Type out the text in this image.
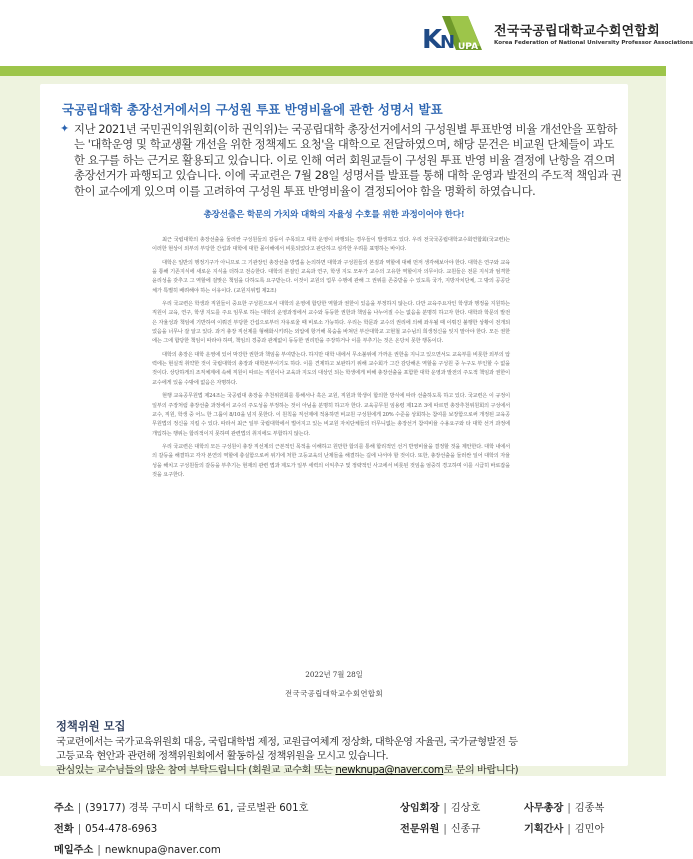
K
N UPA
전국국공립대학교수회연합회
Korea Federation of National University Professor Associations
국공립대학 총장선거에서의 구성원 투표 반영비율에 관한 성명서 발표
✦ 지난 2021년 국민권익위원회(이하 권익위)는 국공립대학 총장선거에서의 구성원별 투표반영 비율 개선안을 포함하는 '대학운영 및 학교생활 개선을 위한 정책제도 요청'을 대학으로 전달하였으며, 해당 문건은 비교원 단체들이 과도한 요구를 하는 근거로 활용되고 있습니다. 이로 인해 여러 회원교들이 구성원 투표 반영 비율 결정에 난항을 겪으며 총장선거가 파행되고 있습니다. 이에 국교련은 7월 28일 성명서를 발표를 통해 대학 운영과 발전의 주도적 책임과 권한이 교수에게 있으며 이를 고려하여 구성원 투표 반영비율이 결정되어야 함을 명확히 하였습니다.
총장선출은 학문의 가치와 대학의 자율성 수호를 위한 과정이어야 한다!

최근 국립대학의 총장선출을 둘러싼 구성원들의 갈등이 주목되고 대학 운영이 파행되는 경우들이 발생하고 있다. 우리 전국국공립대학교수회연합회(국교련)는 이러한 현상이 외부의 부당한 간섭과 대학에 대한 몰이해에서 비롯되었다고 판단하고 심각한 우려를 표명하는 바이다.

대학은 일반의 행정기구가 아니므로 그 기관장인 총장선출 방법을 논의하면 대학과 구성원들의 본질과 역할에 대해 먼저 생각해보아야 한다. 대학은 연구와 교육을 통해 기존지식에 새로운 지식을 더하고 전승한다. 대학의 본질인 교육과 연구, 학생 지도 모두가 교수의 고유한 역할이자 의무이다. 교원들은 전문 지식과 엄격한 윤리성을 갖추고 그 역할에 걸맞은 책임을 다하도록 요구받는다. 이것이 교원의 업무 수행에 관해 그 권위를 존중받을 수 있도록 국가, 지방자치단체, 그 밖의 공공단체가 특별히 배려해야 하는 이유이다. (교원지위법 제2조)

우리 국교련은 학생과 직원들이 중요한 구성원으로서 대학의 운영에 합당한 역할과 권한이 있음을 부정하지 않는다. 다만 교육주요자인 학생과 행정을 지원하는 직원이 교육, 연구, 학생 지도를 주요 임무로 하는 대학의 운영과정에서 교수와 동등한 권한과 책임을 나누어질 수는 없음을 분명히 하고자 한다. 대학과 학문의 발전은 자율성과 책임에 기반하여 이뤄진 부당한 간섭으로부터 자유로울 때 비로소 가능하다. 우리는 학문과 교수의 권리에 의해 좌우될 때 이뤄진 불행한 상황이 전개되었음을 너무나 잘 알고 있다. 과거 총장 직선제를 형해화시키려는 외압에 항거해 목숨을 바쳐던 부산대학교 고현철 교수님의 희생정신을 잊지 말아야 한다. 모든 권한에는 그에 합당한 책임이 따라야 하며, 책임의 경중과 관계없이 동등한 권리만을 주장하거나 이를 부추기는 것은 온당치 못한 행동이다.

대학의 총장은 대학 운영에 있어 막강한 권한과 책임을 부여받는다. 하지만 대학 내에서 무소불위에 가까운 권한을 지니고 있으면서도 교육부를 비롯한 외부의 압력에는 현실적 취약한 것이 국립대학의 총장과 대학본부이기도 하다. 이를 견제하고 보완하기 위해 교수회가 그간 감당해온 역할을 구성원 중 누구도 부인할 수 없을 것이다. 상당하게의 조직체계에 속해 직원이 따르는 직원이나 교육과 지도의 대상인 되는 학생에게 비해 총장선출을 포함한 대학 운영과 발전의 주도적 책임과 권한이 교수에게 있을 수밖에 없음은 자명하다.

현행 교육공무원법 제24조는 국공립대 총장을 추천위원회를 통해서나 혹은 교원, 직원과 학생이 합의한 방식에 따라 선출하도록 하고 있다. 국교련은 이 규정이 일부의 주장처럼 총장선출 과정에서 교수의 주도성을 부정하는 것이 아님을 분명히 하고자 한다. 교육공무원 임용령 제12조 3에 따르면 총장추천위원회의 구성에서 교수, 직원, 학생 중 어느 한 그룹이 8/10을 넘지 못한다. 이 원칙을 직선제에 적용하면 비교원 구성원에게 20% 수준을 상회하는 참여를 보장함으로써 개정된 교육공무원법의 정신을 지킬 수 있다. 따라서 최근 일부 국립대학에서 벌어지고 있는 비교원 자치단체들의 터무니없는 총장선거 참여비율 수용요구와 타 대학 선거 과정에 개입하는 행위는 합리적이지 못하며 관련법의 취지에도 부합하지 않는다.

우리 국교련은 대학의 모든 구성원이 총장 직선제의 근본적인 목적을 이해하고 원만한 합의를 통해 합리적인 선거 반영비율을 결정할 것을 제안한다. 대학 내에서의 갈등을 해결하고 각자 본연의 역할에 충실함으로써 위기에 처한 고등교육의 난제들을 해결하는 길에 나서야 할 것이다. 또한, 총장선출을 둘러싼 일어 대학의 자율성을 해치고 구성원들의 갈등을 부추기는 현재의 관련 법과 제도가 일부 세력의 이익추구 및 정략적인 사고에서 비롯된 것임을 엄중히 경고하며 이를 시급히 바로잡을 것을 요구한다.

2022년 7월 28일
전국국공립대학교수회연합회
정책위원 모집
국교련에서는 국가교육위원회 대응, 국립대학법 제정, 교원급여체계 정상화, 대학운영 자율권, 국가균형발전 등
고등교육 현안과 관련해 정책위원회에서 활동하실 정책위원을 모시고 있습니다.
관심있는 교수님들의 많은 참여 부탁드립니다 (회원교 교수회 또는 newknupa@naver.com로 문의 바랍니다)
주소 | (39177) 경북 구미시 대학로 61, 글로벌관 601호
전화 | 054-478-6963
메일주소 | newknupa@naver.com
상임회장 | 김상호
전문위원 | 신종규
사무총장 | 김종복
기획간사 | 김민아
